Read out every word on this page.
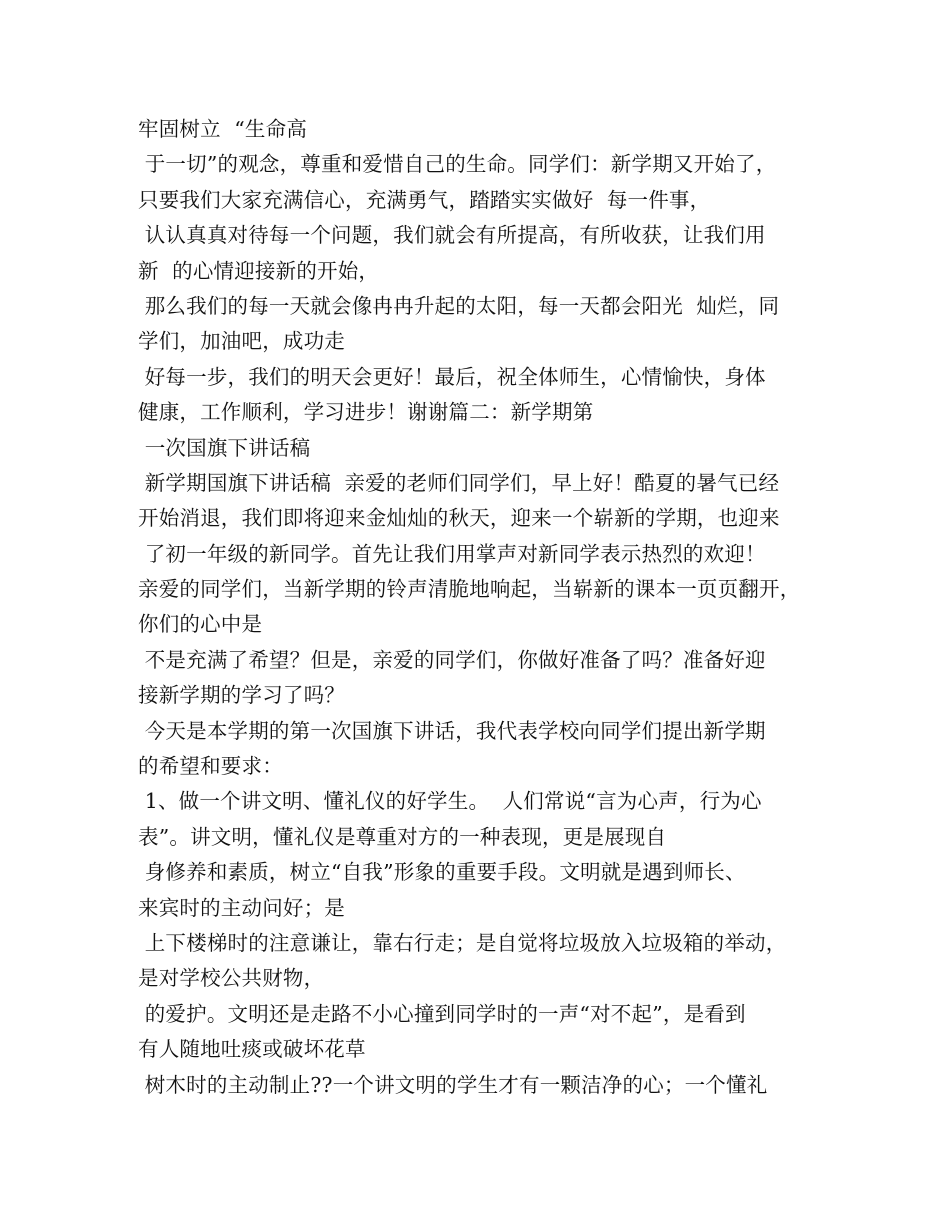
牢固树立  “生命高
于一切”的观念，尊重和爱惜自己的生命。同学们：新学期又开始了，
只要我们大家充满信心，充满勇气，踏踏实实做好  每一件事，
认认真真对待每一个问题，我们就会有所提高，有所收获，让我们用
新  的心情迎接新的开始，
那么我们的每一天就会像冉冉升起的太阳，每一天都会阳光  灿烂，同
学们，加油吧，成功走
好每一步，我们的明天会更好！最后，祝全体师生，心情愉快，身体
健康，工作顺利，学习进步！谢谢篇二：新学期第
一次国旗下讲话稿
新学期国旗下讲话稿  亲爱的老师们同学们，早上好！酷夏的暑气已经
开始消退，我们即将迎来金灿灿的秋天，迎来一个崭新的学期，也迎来
了初一年级的新同学。首先让我们用掌声对新同学表示热烈的欢迎！
亲爱的同学们，当新学期的铃声清脆地响起，当崭新的课本一页页翻开，
你们的心中是
不是充满了希望？但是，亲爱的同学们，你做好准备了吗？准备好迎
接新学期的学习了吗？
今天是本学期的第一次国旗下讲话，我代表学校向同学们提出新学期
的希望和要求：
1、做一个讲文明、懂礼仪的好学生。  人们常说“言为心声，行为心
表”。讲文明，懂礼仪是尊重对方的一种表现，更是展现自
身修养和素质，树立“自我”形象的重要手段。文明就是遇到师长、
来宾时的主动问好；是
上下楼梯时的注意谦让，靠右行走；是自觉将垃圾放入垃圾箱的举动，
是对学校公共财物，
的爱护。文明还是走路不小心撞到同学时的一声“对不起”，是看到
有人随地吐痰或破坏花草
树木时的主动制止??一个讲文明的学生才有一颗洁净的心；一个懂礼
